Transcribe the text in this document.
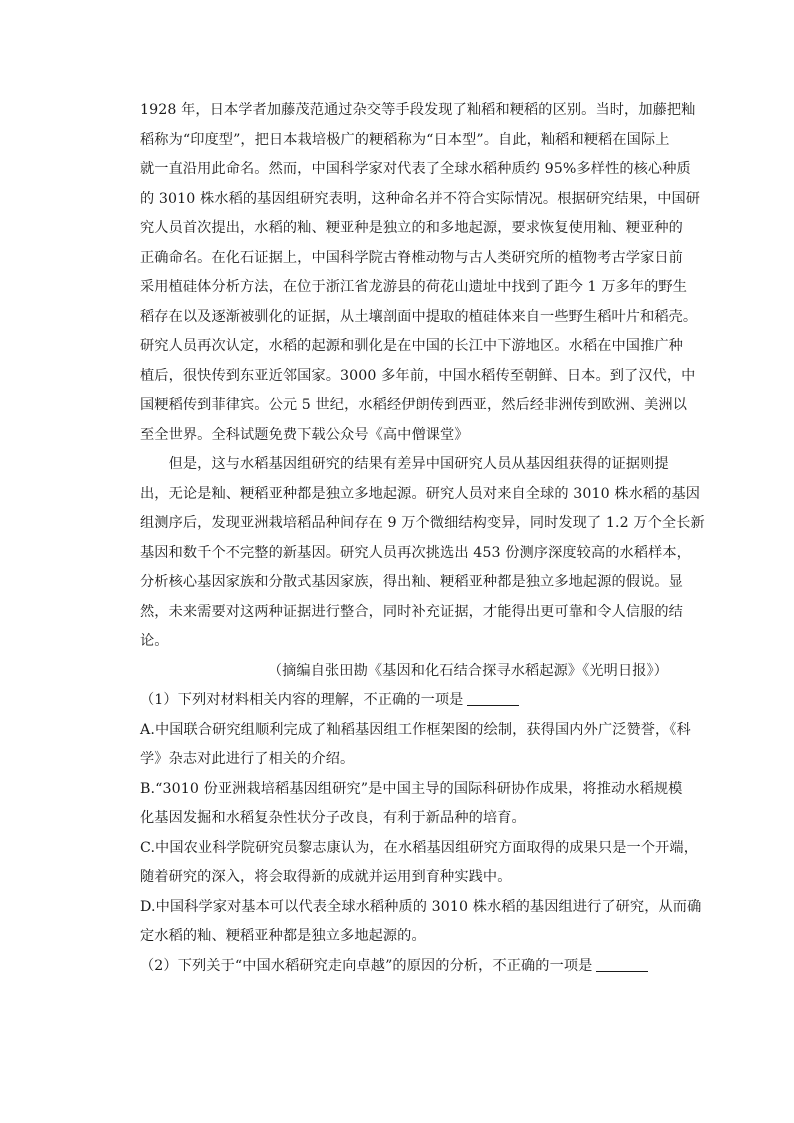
1928 年，日本学者加藤茂范通过杂交等手段发现了籼稻和粳稻的区别。当时，加藤把籼
稻称为“印度型”，把日本栽培极广的粳稻称为“日本型”。自此，籼稻和粳稻在国际上
就一直沿用此命名。然而，中国科学家对代表了全球水稻种质约 95%多样性的核心种质
的 3010 株水稻的基因组研究表明，这种命名并不符合实际情况。根据研究结果，中国研
究人员首次提出，水稻的籼、粳亚种是独立的和多地起源，要求恢复使用籼、粳亚种的
正确命名。在化石证据上，中国科学院古脊椎动物与古人类研究所的植物考古学家日前
采用植硅体分析方法，在位于浙江省龙游县的荷花山遗址中找到了距今 1 万多年的野生
稻存在以及逐渐被驯化的证据，从土壤剖面中提取的植硅体来自一些野生稻叶片和稻壳。
研究人员再次认定，水稻的起源和驯化是在中国的长江中下游地区。水稻在中国推广种
植后，很快传到东亚近邻国家。3000 多年前，中国水稻传至朝鲜、日本。到了汉代，中
国粳稻传到菲律宾。公元 5 世纪，水稻经伊朗传到西亚，然后经非洲传到欧洲、美洲以
至全世界。全科试题免费下载公众号《高中僧课堂》
　　但是，这与水稻基因组研究的结果有差异中国研究人员从基因组获得的证据则提
出，无论是籼、粳稻亚种都是独立多地起源。研究人员对来自全球的 3010 株水稻的基因
组测序后，发现亚洲栽培稻品种间存在 9 万个微细结构变异，同时发现了 1.2 万个全长新
基因和数千个不完整的新基因。研究人员再次挑选出 453 份测序深度较高的水稻样本，
分析核心基因家族和分散式基因家族，得出籼、粳稻亚种都是独立多地起源的假说。显
然，未来需要对这两种证据进行整合，同时补充证据，才能得出更可靠和令人信服的结
论。
（摘编自张田勘《基因和化石结合探寻水稻起源》《光明日报》）
（1）下列对材料相关内容的理解，不正确的一项是
A.中国联合研究组顺利完成了籼稻基因组工作框架图的绘制，获得国内外广泛赞誉，《科
学》杂志对此进行了相关的介绍。
B.“3010 份亚洲栽培稻基因组研究”是中国主导的国际科研协作成果，将推动水稻规模
化基因发掘和水稻复杂性状分子改良，有利于新品种的培育。
C.中国农业科学院研究员黎志康认为，在水稻基因组研究方面取得的成果只是一个开端，
随着研究的深入，将会取得新的成就并运用到育种实践中。
D.中国科学家对基本可以代表全球水稻种质的 3010 株水稻的基因组进行了研究，从而确
定水稻的籼、粳稻亚种都是独立多地起源的。
（2）下列关于“中国水稻研究走向卓越”的原因的分析，不正确的一项是
